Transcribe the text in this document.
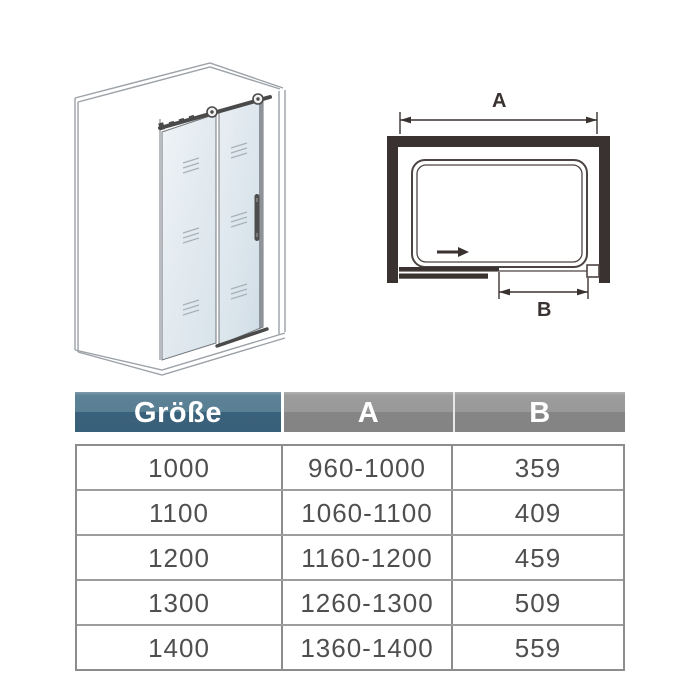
A
B
Größe	A	B
1000	960-1000	359
1100	1060-1100	409
1200	1160-1200	459
1300	1260-1300	509
1400	1360-1400	559
